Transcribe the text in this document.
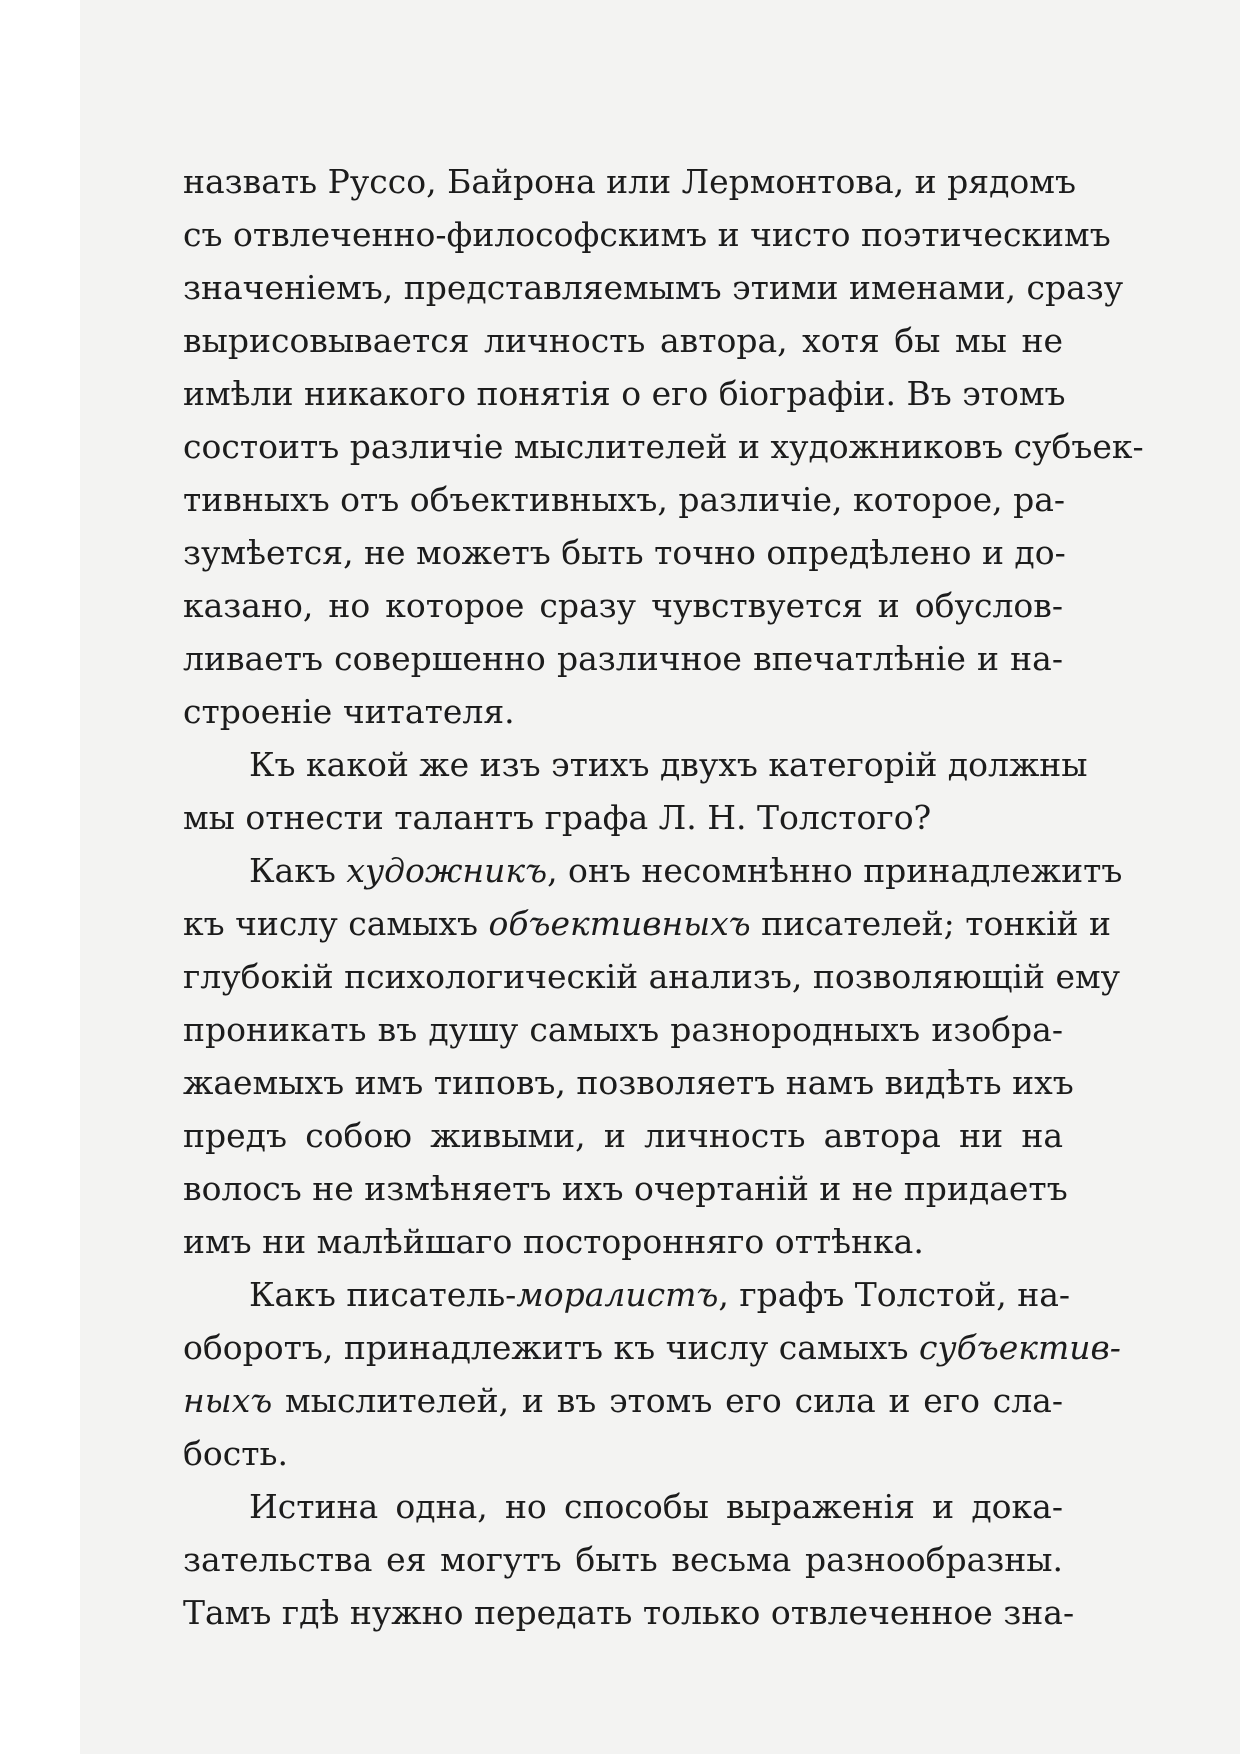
назвать Руссо, Байрона или Лермонтова, и рядомъ
съ отвлеченно-философскимъ и чисто поэтическимъ
значеніемъ, представляемымъ этими именами, сразу
вырисовывается личность автора, хотя бы мы не
имѣли никакого понятія о его біографіи. Въ этомъ
состоитъ различіе мыслителей и художниковъ субъек-
тивныхъ отъ объективныхъ, различіе, которое, ра-
зумѣется, не можетъ быть точно опредѣлено и до-
казано, но которое сразу чувствуется и обуслов-
ливаетъ совершенно различное впечатлѣніе и на-
строеніе читателя.
Къ какой же изъ этихъ двухъ категорій должны
мы отнести талантъ графа Л. Н. Толстого?
Какъ художникъ, онъ несомнѣнно принадлежитъ
къ числу самыхъ объективныхъ писателей; тонкій и
глубокій психологическій анализъ, позволяющій ему
проникать въ душу самыхъ разнородныхъ изобра-
жаемыхъ имъ типовъ, позволяетъ намъ видѣть ихъ
предъ собою живыми, и личность автора ни на
волосъ не измѣняетъ ихъ очертаній и не придаетъ
имъ ни малѣйшаго посторонняго оттѣнка.
Какъ писатель-моралистъ, графъ Толстой, на-
оборотъ, принадлежитъ къ числу самыхъ субъектив-
ныхъ мыслителей, и въ этомъ его сила и его сла-
бость.
Истина одна, но способы выраженія и дока-
зательства ея могутъ быть весьма разнообразны.
Тамъ гдѣ нужно передать только отвлеченное зна-
